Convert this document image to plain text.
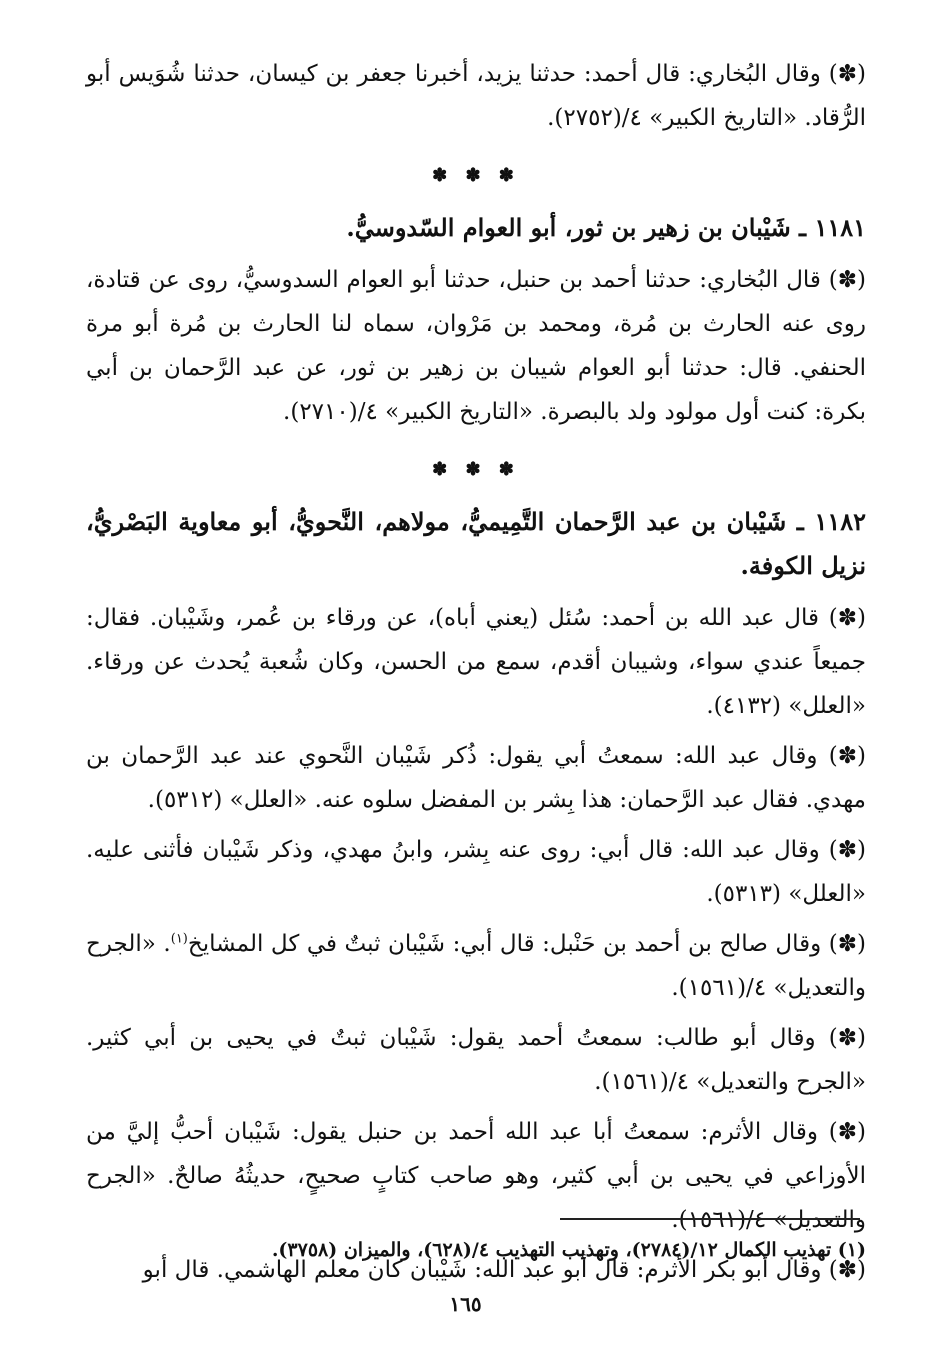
(✽) وقال البُخاري: قال أحمد: حدثنا يزيد، أخبرنا جعفر بن كيسان، حدثنا شُوَيس أبو الرُّقاد. «التاريخ الكبير» ٤/(٢٧٥٢).

✽ ✽ ✽
١١٨١ ـ شَيْبان بن زهير بن ثور، أبو العوام السّدوسيُّ.

(✽) قال البُخاري: حدثنا أحمد بن حنبل، حدثنا أبو العوام السدوسيُّ، روى عن قتادة، روى عنه الحارث بن مُرة، ومحمد بن مَرْوان، سماه لنا الحارث بن مُرة أبو مرة الحنفي. قال: حدثنا أبو العوام شيبان بن زهير بن ثور، عن عبد الرَّحمان بن أبي بكرة: كنت أول مولود ولد بالبصرة. «التاريخ الكبير» ٤/(٢٧١٠).

✽ ✽ ✽
١١٨٢ ـ شَيْبان بن عبد الرَّحمان التَّمِيميُّ، مولاهم، النَّحويُّ، أبو معاوية البَصْريُّ، نزيل الكوفة.

(✽) قال عبد الله بن أحمد: سُئل (يعني أباه)، عن ورقاء بن عُمر، وشَيْبان. فقال: جميعاً عندي سواء، وشيبان أقدم، سمع من الحسن، وكان شُعبة يُحدث عن ورقاء. «العلل» (٤١٣٢).

(✽) وقال عبد الله: سمعتُ أبي يقول: ذُكر شَيْبان النَّحوي عند عبد الرَّحمان بن مهدي. فقال عبد الرَّحمان: هذا بِشر بن المفضل سلوه عنه. «العلل» (٥٣١٢).

(✽) وقال عبد الله: قال أبي: روى عنه بِشر، وابنُ مهدي، وذكر شَيْبان فأثنى عليه. «العلل» (٥٣١٣).

(✽) وقال صالح بن أحمد بن حَنْبل: قال أبي: شَيْبان ثبتٌ في كل المشايخ$^{(١)}$. «الجرح والتعديل» ٤/(١٥٦١).

(✽) وقال أبو طالب: سمعتُ أحمد يقول: شَيْبان ثبتٌ في يحيى بن أبي كثير. «الجرح والتعديل» ٤/(١٥٦١).

(✽) وقال الأثرم: سمعتُ أبا عبد الله أحمد بن حنبل يقول: شَيْبان أحبُّ إليَّ من الأوزاعي في يحيى بن أبي كثير، وهو صاحب كتابٍ صحيحٍ، حديثُهُ صالحٌ. «الجرح والتعديل» ٤/(١٥٦١).

(✽) وقال أبو بكر الأثرم: قال أبو عبد الله: شَيْبان كان معلم الهاشمي. قال أبو

(١) تهذيب الكمال ١٢/(٢٧٨٤)، وتهذيب التهذيب ٤/(٦٢٨)، والميزان (٣٧٥٨).
١٦٥
